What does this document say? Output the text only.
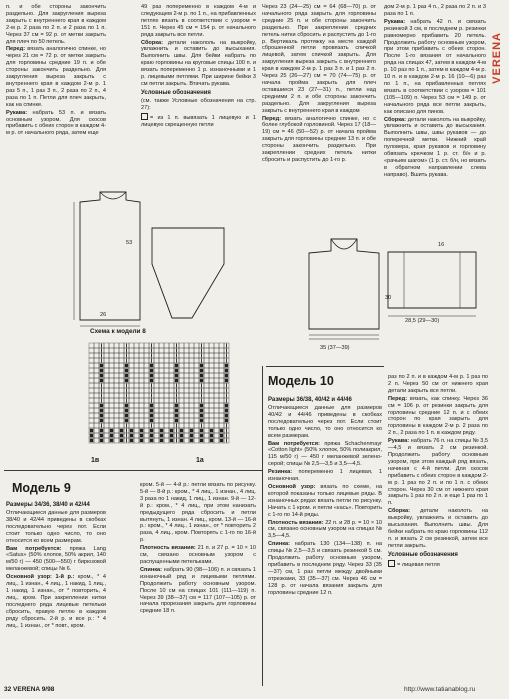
п. и обе стороны закончить раздельно. Для закругления выреза закрыть с внутреннего края в каждом 2-м р. 2 раза по 2 п. и 2 раза по 1 п. Через 37 см = 92 р. от метки закрыть для плеч по 50 петель.

Перед: вязать аналогично спинке, но через 21 см = 72 р. от метки закрыть для горловины средние 19 п. и обе стороны закончить раздельно. Для закругления выреза закрыть с внутреннего края в каждом 2-м р. 1 раз 5 п., 1 раз 3 п., 2 раза по 2 п., 4 раза по 1 п. Петли для плеч закрыть, как на спинке.

Рукава: набрать 53 п. и вязать основным узором. Для скосов прибавить с обеих сторон в каждом 4-м р. от начального ряда, затем еще

49 раз попеременно в каждом 4-м и следующем 2-м р. по 1 п., на прибавленных петлях вязать в соответствии с узором = 151 п. Через 45 см = 154 р. от начального ряда закрыть все петли.

Сборка: детали накололь на выкройку, увлажнить и оставить до высыхания. Выполнить швы. Для бейки набрать по краю горловины на круговые спицы 100 п. и вязать попеременно 1 р. изнаночными и 1 р. лицевыми петлями. При ширине бейки 3 см петли закрыть. Втачать рукава.

Условные обозначения

(см. также Условные обозначения на стр. 27):

= из 1 п. вывязать 1 лицевую и 1 лицевую скрещенную петли

Через 23 (24—25) см = 64 (68—70) р. от начального ряда закрыть для горловины средние 25 п. и обе стороны закончить раздельно. При закреплении средних петель нитки сбросить и распустить до 1-го р. Вертикаль протяжку на месте каждой сброшенной петли провязать спичкой лицевой, затем спичкой закрыть. Для закругления выреза закрыть с внутреннего края в каждом 2-м р. 1 раз 3 п. и 1 раз 2 п. Через 25 (26—27) см = 70 (74—75) р. от начала пройма закрыть для плеч оставшиеся 23 (27—31) п., петли над средними 2 п. и обе стороны закончить раздельно. Для закругления выреза закрыть с внутреннего края в каждом

Перед: вязать аналогично спинке, но с более глубокой горловиной. Через 17 (18—19) см = 46 (50—52) р. от начала пройма закрыть для горловины средние 13 п. и обе стороны закончить раздельно. При закреплении средних петель нитки сбросить и распустить до 1-го р.

дом 2-м р. 1 раз 4 п., 2 раза по 2 п. и 3 раза по 1 п.

Рукава: набрать 42 п. и связать резинкой 3 см, в последнем р. резинки равномерно прибавить 20 петель. Продолжить работу основным узором, при этом прибавить с обеих сторон. После 1-го вязания от начального ряда на спицах 47, затем в каждом 4-м р. 10 раз по 1 п., затем в каждом 4-м р. 10 п. и в каждом 2-м р. 16 (10—6) раз по 1 п., на прибавленных петлях вязать в соответствии с узором = 101 (105—109) п. Через 53 см = 149 р. от начального ряда все петли закрыть, как описано для пинов.

Сборка: детали наколоть на выкройку, увлажнить и оставить до высыхания. Выполнить швы, швы рукавов — до поперечной метки. Нижний край пуловера, края рукавов и горловину обвязать крючком 1 р. ст. б/н и р. «рачьим шагом» (1 р. ст. б/н, но вязать в обратном направлении слева направо). Вшить рукава.

VERENA
Схема к модели 8
1в	1а
53
26
35 (37—39)
28,5 (29—30)
30
16
Модель 9
Размеры 34/36, 38/40 и 42/44

Отличающиеся данные для размеров 38/40 и 42/44 приведены в скобках последовательно через пот. Если стоит только одно число, то оно относится ко всем размерам.

Вам потребуется: пряжа Lang «Satus» (50% хлопок, 50% акрил, 140 м/50 г) — 450 (500—550) г бирюзовой меланжевой; спицы № 6.

Основной узор: 1-й р.: кром., * 4 лиц., 1 изнан., 4 лиц., 1 накид, 1 лиц., 1 накид, 1 изнан., от * повторить, 4 лиц., кром. При закреплении нитки последнего ряда лицевые петельки сбросить, правую петлю в каждом ряду сбросить. 2-й р. и все р.: * 4 лиц., 1 изнан., от * повт., кром.

кром. 5-й — 4-й р.: петли вязать по рисунку. 5-й — 8-й р.: кром., * 4 лиц., 1 изнан., 4 лиц. 3 раза по 1 накид, 1 лиц., 1 изнан. 9-й — 12-й р.: кром., * 4 лиц., при этом нанизать предыдущего ряда сбросить и петли вытянуть, 1 изнан. 4 лиц., кром. 13-й — 16-й р.: кром., * 4 лиц., 1 изнан., от * повторить 2 раза, 4 лиц., кром. Повторять с 1-го по 16-й р.

Плотность вязания: 21 п. и 27 р. = 10 × 10 см, связано основным узором с распущенными петельками.

Спинка: набрать 90 (98—106) п. и связать 1 изнаночный ряд и лицевыми петлями. Продолжить работу основным узором. После 10 см на спицах 101 (111—119) п. Через 39 (38—37) см = 117 (107—105) р. от начала прорезания закрыть для горловины средние 18 п.

Модель 10
Размеры 36/38, 40/42 и 44/46

Отличающиеся данные для размеров 40/42 и 44/46 приведены в скобках последовательно через пот. Если стоит только одно число, то оно относится ко всем размерам.

Вам потребуется: пряжа Schachenmayr «Cotton light» (50% хлопок, 50% полиакрил, 115 м/50 г) — 450 г меланжевой зелено-серой; спицы № 2,5—3,5 и 3,5—4,5.

Резинка: попеременно 1 лицевая, 1 изнаночная.

Основной узор: вязать по схеме, на которой показаны только лицевые ряды. В изнаночных рядах вязать петли по рисунку. Начать с 1 кром. и петли «кась». Повторить с 1-го по 14-й ряды.

Плотность вязания: 22 п. и 28 р. = 10 × 10 см, связано основным узором на спицах № 3,5—4,5.

Спинка: набрать 130 (134—138) п. на спицы № 2,5—3,5 и связать резинкой 5 см. Продолжить работу основным узором, прибавить в последнем ряду. Через 33 (35—37) см, 1 раз петли между двойными отрезками, 33 (35—37) см. Через 46 см = 128 р. от начала вязания закрыть для горловины средние 12 п.

раз по 2 п. и в каждом 4-м р. 1 раз по 2 п. Через 50 см от нижнего края детали закрыть все петли.

Перед: вязать, как спинку. Через 36 см = 106 р. от резинки закрыть для горловины средние 12 п. и с обеих сторон по края закрыть для горловины в каждом 2-м р. 2 раза по 2 п., 2 раза по 1 п. в каждом ряду.

Рукава: набрать 76 п. на спицы № 3,5—4,5 и вязать 2 см резинкой. Продолжить работу основным узором, при этом каждый ряд вязать, начиная с 4-й петли. Для скосов прибавить с обеих сторон в каждом 2-м р. 1 раз по 2 п. и по 1 п. с обеих сторон. Через 30 см от нижнего края закрыть 1 раз по 2 п. и еще 1 раз по 1 п.

Сборка: детали наколоть на выкройку, увлажнить и оставить до высыхания. Выполнить швы. Для бейки набрать по краю горловины 112 п. и вязать 2 см резинкой, затем все петли закрыть.

Условные обозначения

= лицевая петля

32 VERENA 9/98	http://www.tatianablog.ru
